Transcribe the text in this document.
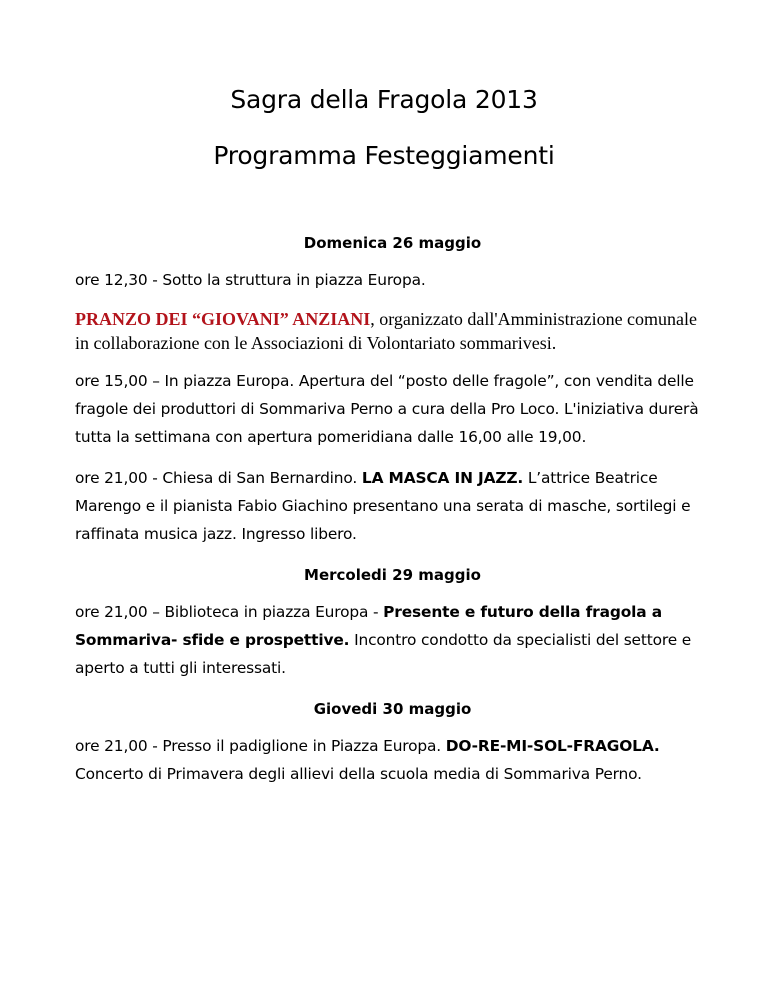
Sagra della Fragola 2013
Programma Festeggiamenti
Domenica 26 maggio

ore 12,30 - Sotto la struttura in piazza Europa.

PRANZO DEI “GIOVANI” ANZIANI, organizzato dall'Amministrazione comunale in collaborazione con le Associazioni di Volontariato sommarivesi.

ore 15,00 – In piazza Europa. Apertura del “posto delle fragole”, con vendita delle fragole dei produttori di Sommariva Perno a cura della Pro Loco. L'iniziativa durerà tutta la settimana con apertura pomeridiana dalle 16,00 alle 19,00.

ore 21,00 - Chiesa di San Bernardino. LA MASCA IN JAZZ. L’attrice Beatrice Marengo e il pianista Fabio Giachino presentano una serata di masche, sortilegi e raffinata musica jazz. Ingresso libero.

Mercoledi 29 maggio

ore 21,00 – Biblioteca in piazza Europa - Presente e futuro della fragola a Sommariva- sfide e prospettive. Incontro condotto da specialisti del settore e aperto a tutti gli interessati.

Giovedi 30 maggio

ore 21,00 - Presso il padiglione in Piazza Europa. DO-RE-MI-SOL-FRAGOLA. Concerto di Primavera degli allievi della scuola media di Sommariva Perno.
